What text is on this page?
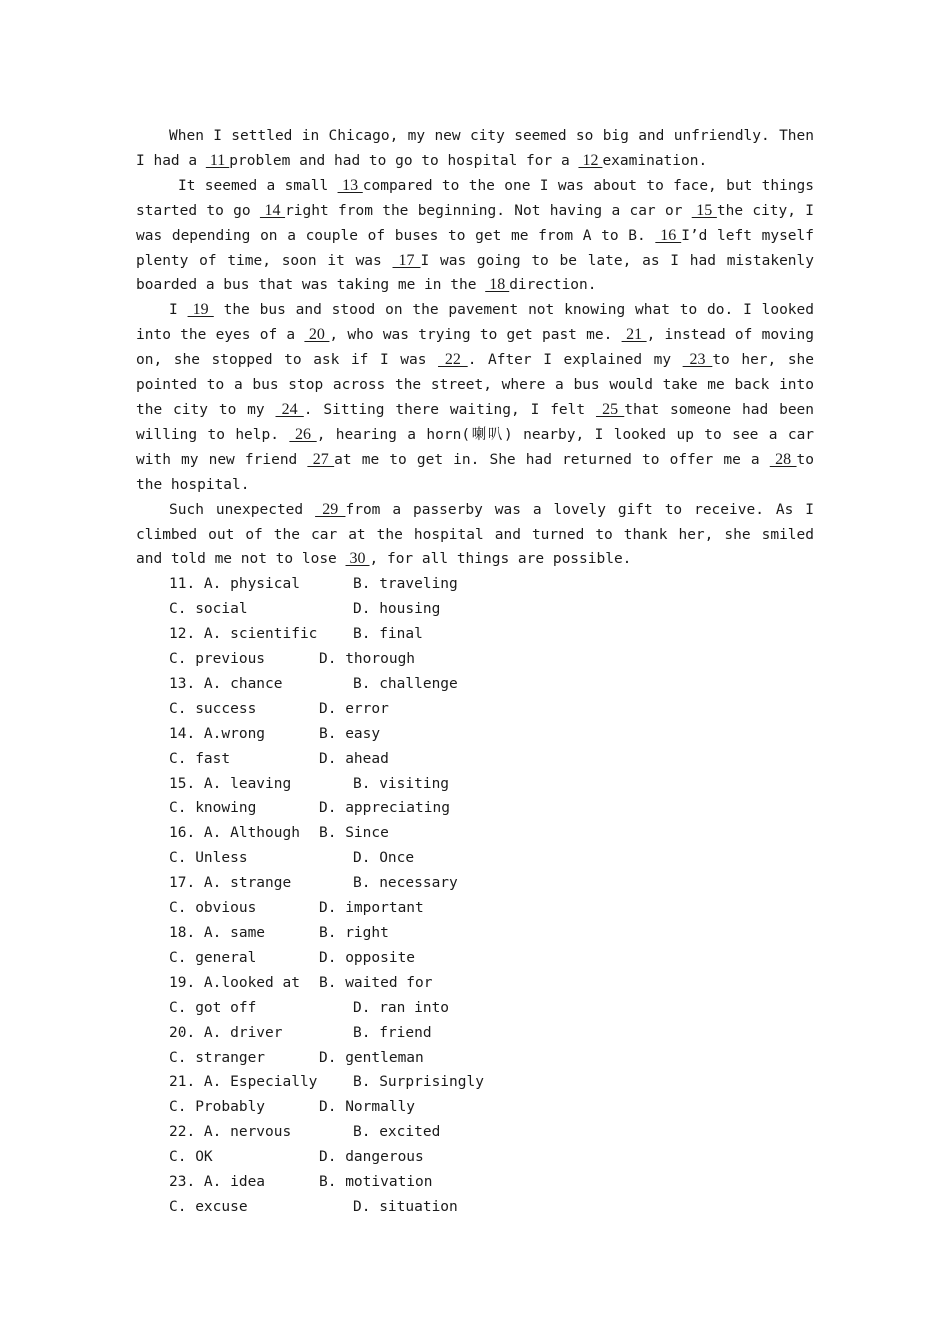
When I settled in Chicago, my new city seemed so big and unfriendly. Then I had a  11 problem and had to go to hospital for a  12 examination.

It seemed a small  13 compared to the one I was about to face, but things started to go  14 right from the beginning. Not having a car or  15 the city, I was depending on a couple of buses to get me from A to B.  16 I’d left myself plenty of time, soon it was  17 I was going to be late, as I had mistakenly boarded a bus that was taking me in the  18 direction.

I  19  the bus and stood on the pavement not knowing what to do. I looked into the eyes of a  20 , who was trying to get past me.  21 , instead of moving on, she stopped to ask if I was  22 . After I explained my  23 to her, she pointed to a bus stop across the street, where a bus would take me back into the city to my  24 . Sitting there waiting, I felt  25 that someone had been willing to help.  26 , hearing a horn(喇叭) nearby, I looked up to see a car with my new friend  27 at me to get in. She had returned to offer me a  28 to the hospital.

Such unexpected  29 from a passerby was a lovely gift to receive. As I climbed out of the car at the hospital and turned to thank her, she smiled and told me not to lose  30 , for all things are possible.

11. A. physical	B. traveling
C. social	D. housing
12. A. scientific	B. final
C. previous	D. thorough
13. A. chance	B. challenge
C. success	D. error
14. A.wrong	B. easy
C. fast	D. ahead
15. A. leaving	B. visiting
C. knowing	D. appreciating
16. A. Although	B. Since
C. Unless	D. Once
17. A. strange	B. necessary
C. obvious	D. important
18. A. same	B. right
C. general	D. opposite
19. A.looked at	B. waited for
C. got off	D. ran into
20. A. driver	B. friend
C. stranger	D. gentleman
21. A. Especially	B. Surprisingly
C. Probably	D. Normally
22. A. nervous	B. excited
C. OK	D. dangerous
23. A. idea	B. motivation
C. excuse	D. situation
